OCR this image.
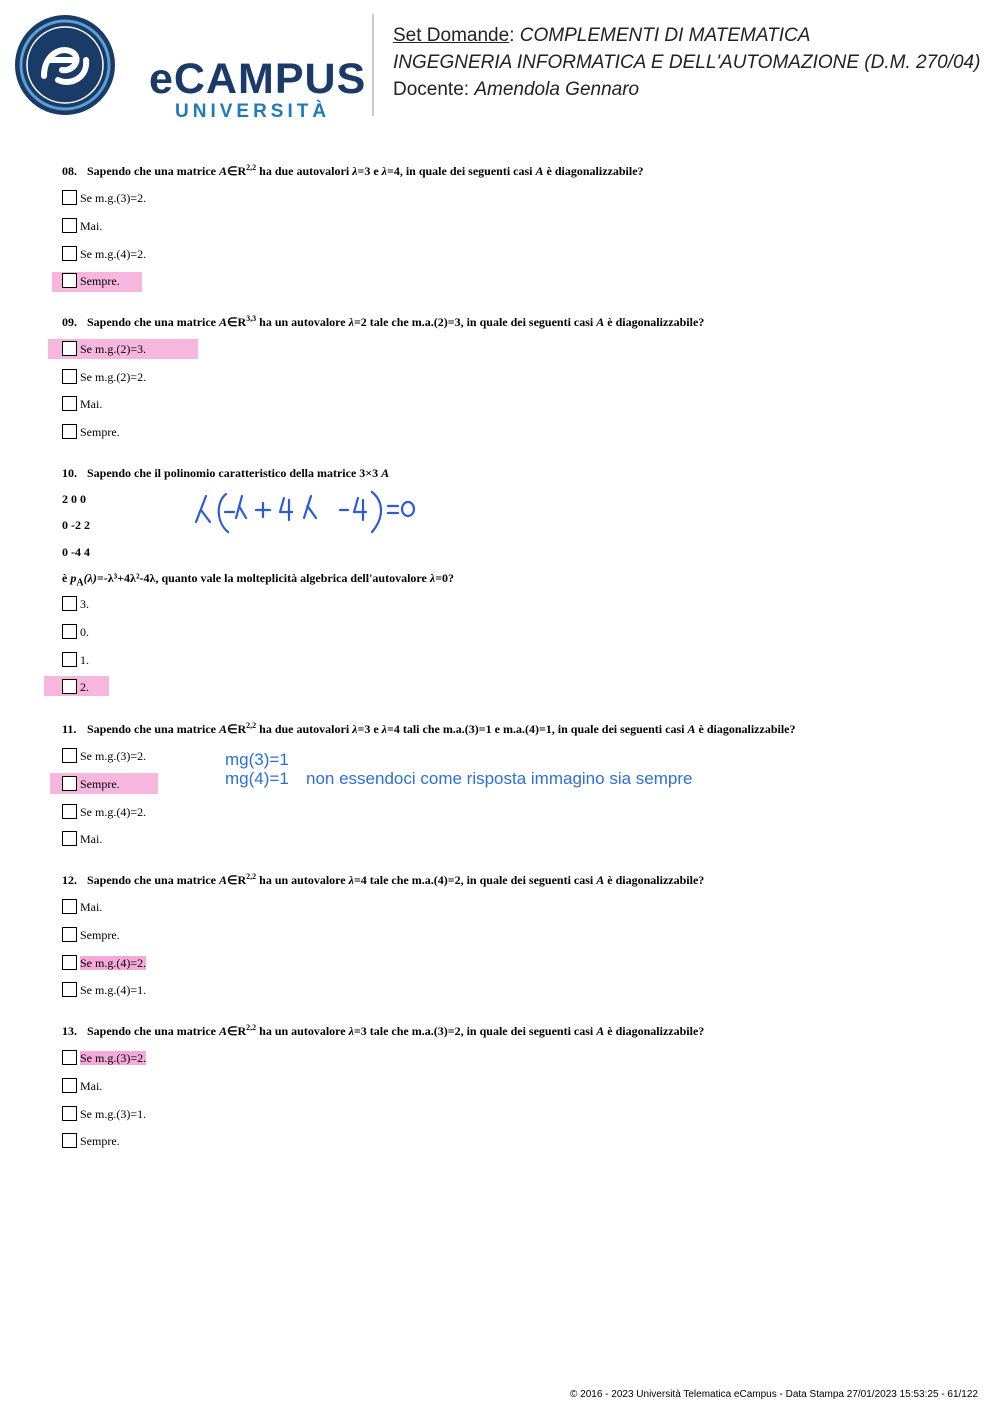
eCAMPUS
UNIVERSITÀ
Set Domande: COMPLEMENTI DI MATEMATICA
INGEGNERIA INFORMATICA E DELL'AUTOMAZIONE (D.M. 270/04)
Docente: Amendola Gennaro
08. Sapendo che una matrice $A\in R^{2,2}$ ha due autovalori λ=3 e λ=4, in quale dei seguenti casi A è diagonalizzabile?
Se m.g.(3)=2.
Mai.
Se m.g.(4)=2.
Sempre.
09. Sapendo che una matrice $A\in R^{3,3}$ ha un autovalore λ=2 tale che m.a.(2)=3, in quale dei seguenti casi A è diagonalizzabile?
Se m.g.(2)=3.
Se m.g.(2)=2.
Mai.
Sempre.
10. Sapendo che il polinomio caratteristico della matrice 3×3 A
2 0 0
0 -2 2
0 -4 4
è $p_A(\lambda)=-\lambda^3+4\lambda^2-4\lambda$, quanto vale la molteplicità algebrica dell'autovalore λ=0?
3.
0.
1.
2.
11. Sapendo che una matrice $A\in R^{2,2}$ ha due autovalori λ=3 e λ=4 tali che m.a.(3)=1 e m.a.(4)=1, in quale dei seguenti casi A è diagonalizzabile?
Se m.g.(3)=2.
Sempre.
Se m.g.(4)=2.
Mai.
mg(3)=1
mg(4)=1 non essendoci come risposta immagino sia sempre
12. Sapendo che una matrice $A\in R^{2,2}$ ha un autovalore λ=4 tale che m.a.(4)=2, in quale dei seguenti casi A è diagonalizzabile?
Mai.
Sempre.
Se m.g.(4)=2.
Se m.g.(4)=1.
13. Sapendo che una matrice $A\in R^{2,2}$ ha un autovalore λ=3 tale che m.a.(3)=2, in quale dei seguenti casi A è diagonalizzabile?
Se m.g.(3)=2.
Mai.
Se m.g.(3)=1.
Sempre.
© 2016 - 2023 Università Telematica eCampus - Data Stampa 27/01/2023 15:53:25 - 61/122
